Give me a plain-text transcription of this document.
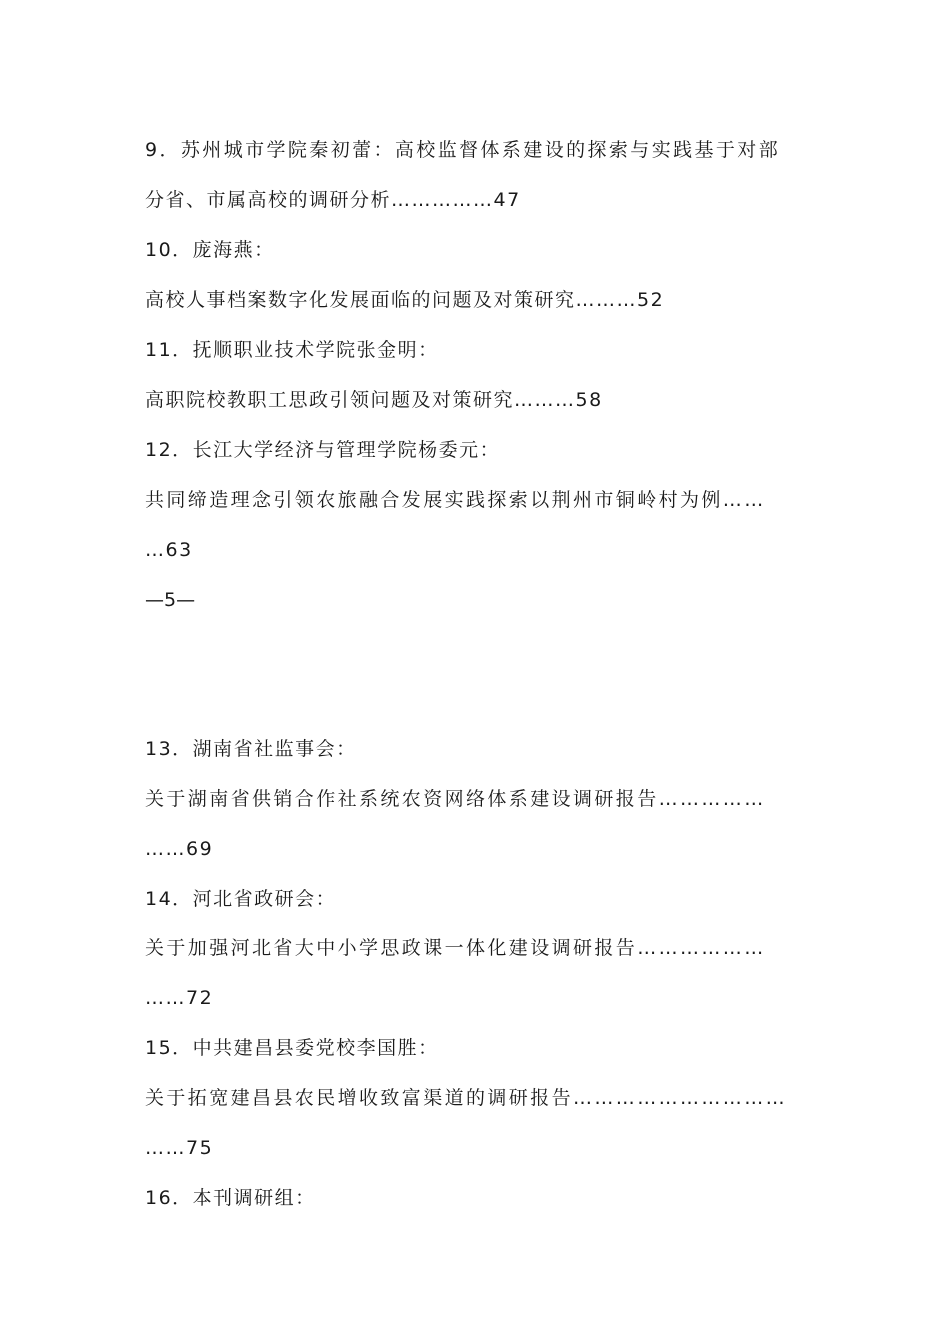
9．苏州城市学院秦初蕾：高校监督体系建设的探索与实践基于对部
分省、市属高校的调研分析……………47
10．庞海燕：
高校人事档案数字化发展面临的问题及对策研究………52
11．抚顺职业技术学院张金明：
高职院校教职工思政引领问题及对策研究………58
12．长江大学经济与管理学院杨委元：
共同缔造理念引领农旅融合发展实践探索以荆州市铜岭村为例……
…63
—5—
13．湖南省社监事会：
关于湖南省供销合作社系统农资网络体系建设调研报告……………
……69
14．河北省政研会：
关于加强河北省大中小学思政课一体化建设调研报告………………
……72
15．中共建昌县委党校李国胜：
关于拓宽建昌县农民增收致富渠道的调研报告…………………………
……75
16．本刊调研组：
